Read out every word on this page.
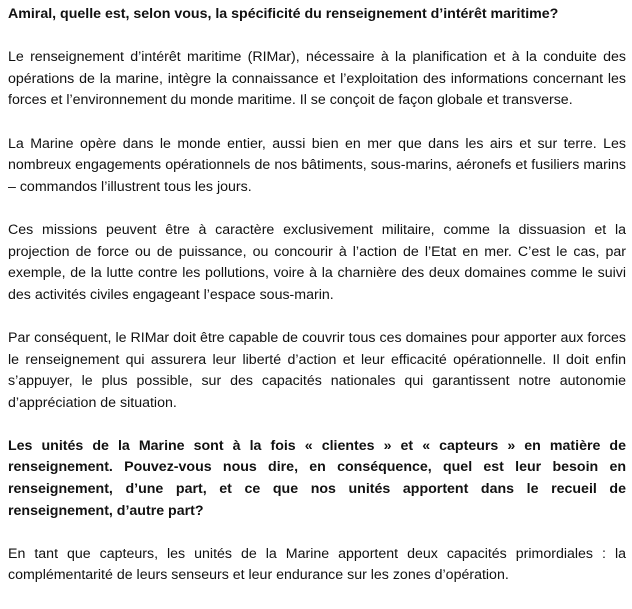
Amiral, quelle est, selon vous, la spécificité du renseignement d’intérêt maritime?

Le renseignement d’intérêt maritime (RIMar), nécessaire à la planification et à la conduite des opérations de la marine, intègre la connaissance et l’exploitation des informations concernant les forces et l’environnement du monde maritime. Il se conçoit de façon globale et transverse.

La Marine opère dans le monde entier, aussi bien en mer que dans les airs et sur terre. Les nombreux engagements opérationnels de nos bâtiments, sous-marins, aéronefs et fusiliers marins – commandos l’illustrent tous les jours.

Ces missions peuvent être à caractère exclusivement militaire, comme la dissuasion et la projection de force ou de puissance, ou concourir à l’action de l’Etat en mer. C’est le cas, par exemple, de la lutte contre les pollutions, voire à la charnière des deux domaines comme le suivi des activités civiles engageant l’espace sous-marin.

Par conséquent, le RIMar doit être capable de couvrir tous ces domaines pour apporter aux forces le renseignement qui assurera leur liberté d’action et leur efficacité opérationnelle. Il doit enfin s’appuyer, le plus possible, sur des capacités nationales qui garantissent notre autonomie d’appréciation de situation.

Les unités de la Marine sont à la fois « clientes » et « capteurs » en matière de renseignement. Pouvez-vous nous dire, en conséquence, quel est leur besoin en renseignement, d’une part, et ce que nos unités apportent dans le recueil de renseignement, d’autre part?

En tant que capteurs, les unités de la Marine apportent deux capacités primordiales : la complémentarité de leurs senseurs et leur endurance sur les zones d’opération.
